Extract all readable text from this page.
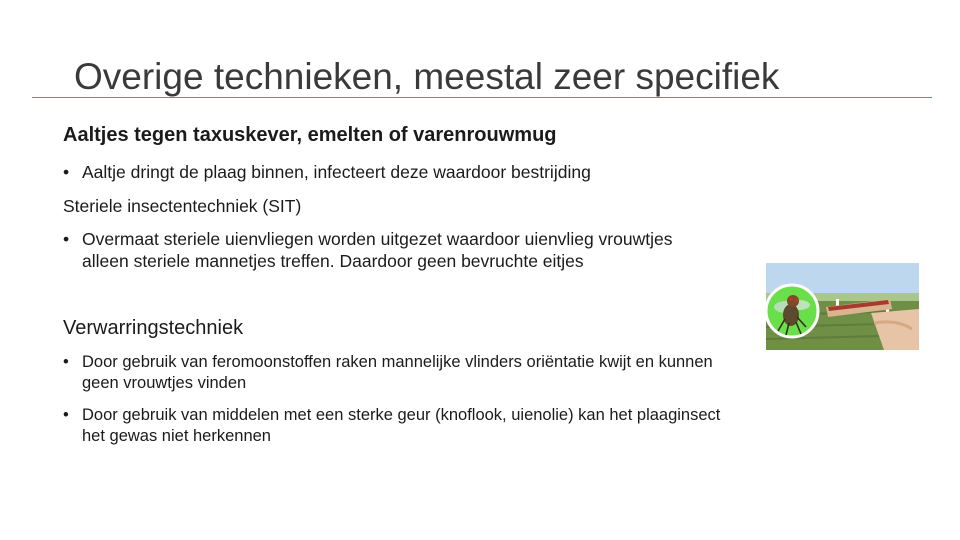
Overige technieken, meestal zeer specifiek
Aaltjes tegen taxuskever, emelten of varenrouwmug
• Aaltje dringt de plaag binnen, infecteert deze waardoor bestrijding
Steriele insectentechniek (SIT)
• Overmaat steriele uienvliegen worden uitgezet waardoor uienvlieg vrouwtjes
alleen steriele mannetjes treffen. Daardoor geen bevruchte eitjes
Verwarringstechniek
• Door gebruik van feromoonstoffen raken mannelijke vlinders oriëntatie kwijt en kunnen
geen vrouwtjes vinden
• Door gebruik van middelen met een sterke geur (knoflook, uienolie) kan het plaaginsect
het gewas niet herkennen
